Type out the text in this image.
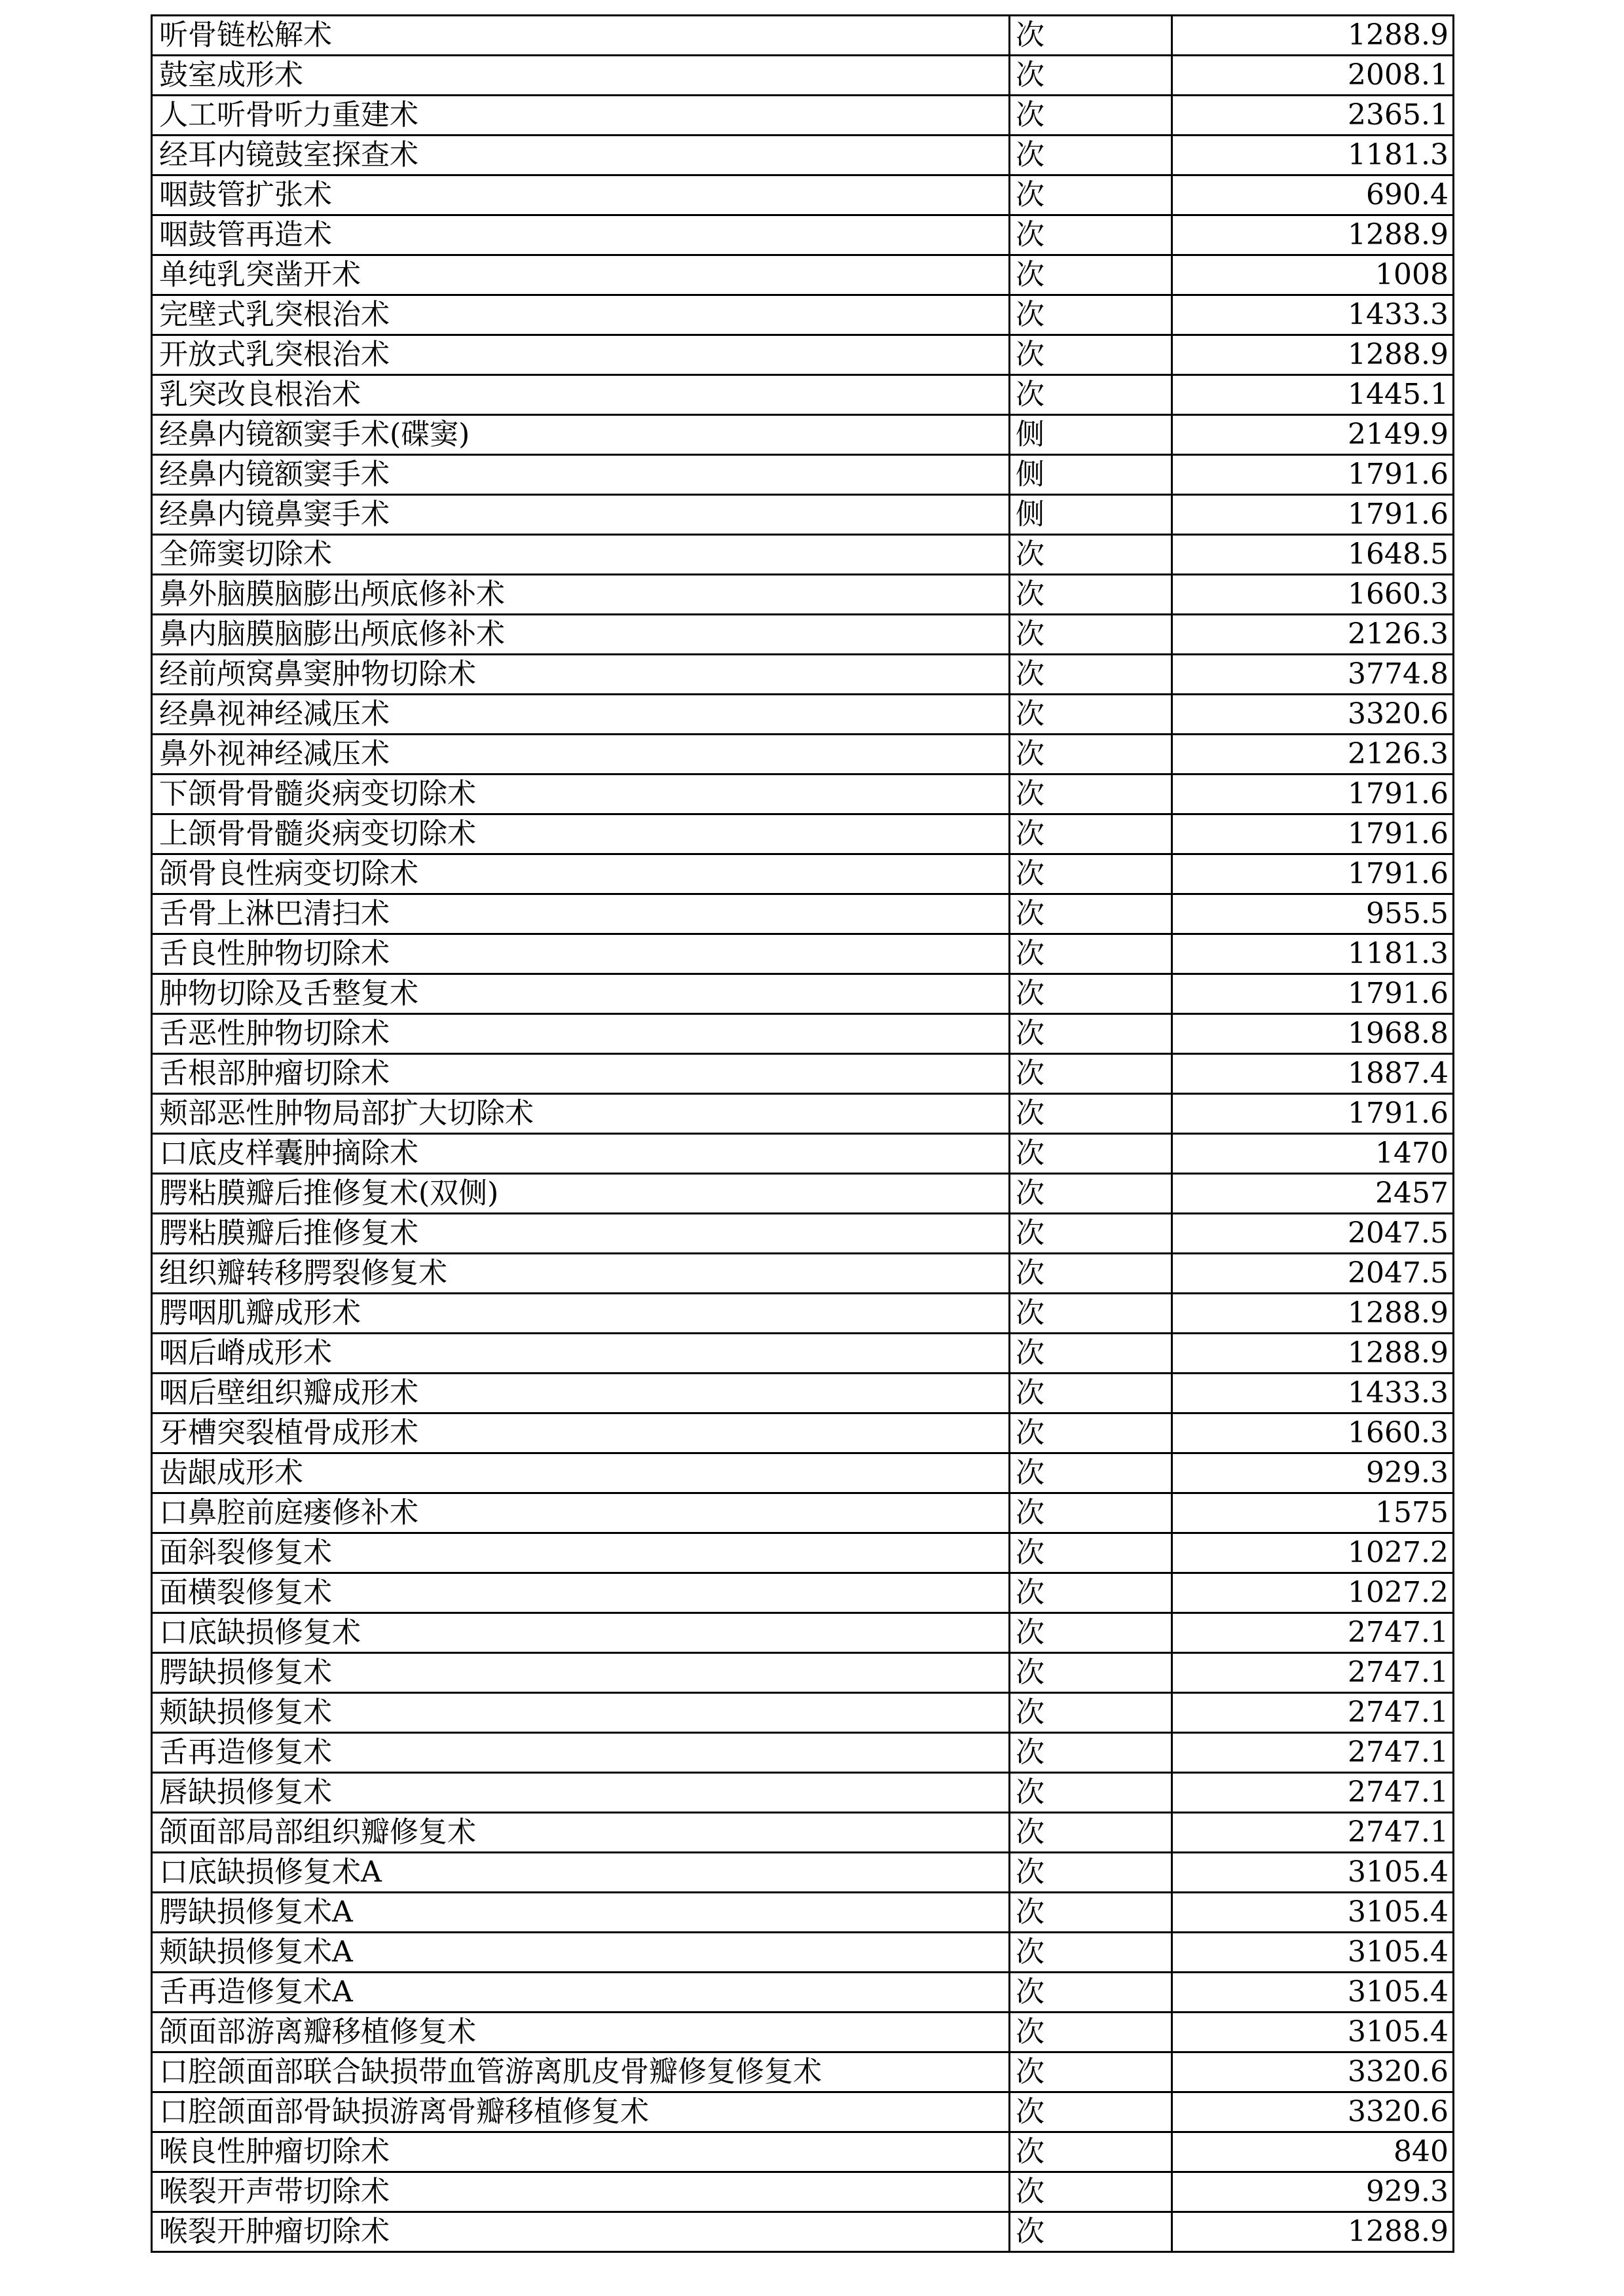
听骨链松解术	次	1288.9
鼓室成形术	次	2008.1
人工听骨听力重建术	次	2365.1
经耳内镜鼓室探查术	次	1181.3
咽鼓管扩张术	次	690.4
咽鼓管再造术	次	1288.9
单纯乳突凿开术	次	1008
完壁式乳突根治术	次	1433.3
开放式乳突根治术	次	1288.9
乳突改良根治术	次	1445.1
经鼻内镜额窦手术(碟窦)	侧	2149.9
经鼻内镜额窦手术	侧	1791.6
经鼻内镜鼻窦手术	侧	1791.6
全筛窦切除术	次	1648.5
鼻外脑膜脑膨出颅底修补术	次	1660.3
鼻内脑膜脑膨出颅底修补术	次	2126.3
经前颅窝鼻窦肿物切除术	次	3774.8
经鼻视神经减压术	次	3320.6
鼻外视神经减压术	次	2126.3
下颌骨骨髓炎病变切除术	次	1791.6
上颌骨骨髓炎病变切除术	次	1791.6
颌骨良性病变切除术	次	1791.6
舌骨上淋巴清扫术	次	955.5
舌良性肿物切除术	次	1181.3
肿物切除及舌整复术	次	1791.6
舌恶性肿物切除术	次	1968.8
舌根部肿瘤切除术	次	1887.4
颊部恶性肿物局部扩大切除术	次	1791.6
口底皮样囊肿摘除术	次	1470
腭粘膜瓣后推修复术(双侧)	次	2457
腭粘膜瓣后推修复术	次	2047.5
组织瓣转移腭裂修复术	次	2047.5
腭咽肌瓣成形术	次	1288.9
咽后嵴成形术	次	1288.9
咽后壁组织瓣成形术	次	1433.3
牙槽突裂植骨成形术	次	1660.3
齿龈成形术	次	929.3
口鼻腔前庭瘘修补术	次	1575
面斜裂修复术	次	1027.2
面横裂修复术	次	1027.2
口底缺损修复术	次	2747.1
腭缺损修复术	次	2747.1
颊缺损修复术	次	2747.1
舌再造修复术	次	2747.1
唇缺损修复术	次	2747.1
颌面部局部组织瓣修复术	次	2747.1
口底缺损修复术A	次	3105.4
腭缺损修复术A	次	3105.4
颊缺损修复术A	次	3105.4
舌再造修复术A	次	3105.4
颌面部游离瓣移植修复术	次	3105.4
口腔颌面部联合缺损带血管游离肌皮骨瓣修复修复术	次	3320.6
口腔颌面部骨缺损游离骨瓣移植修复术	次	3320.6
喉良性肿瘤切除术	次	840
喉裂开声带切除术	次	929.3
喉裂开肿瘤切除术	次	1288.9
